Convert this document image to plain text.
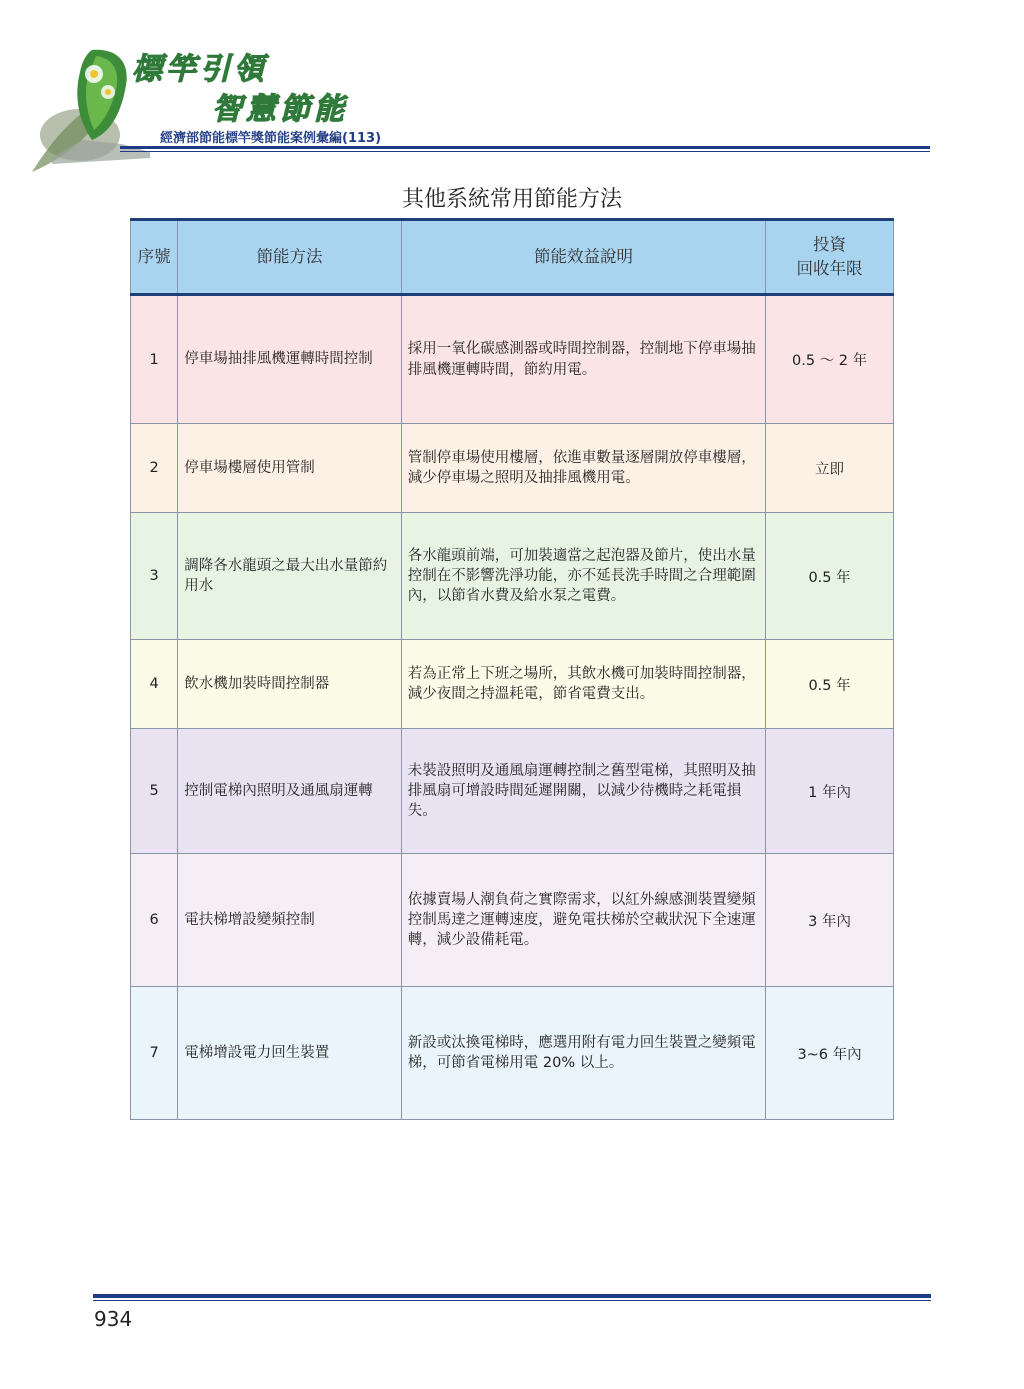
標竿引領
智慧節能
經濟部節能標竿獎節能案例彙編(113)
其他系統常用節能方法
序號	節能方法	節能效益說明	投資
回收年限

1	停車場抽排風機運轉時間控制	採用一氧化碳感測器或時間控制器，控制地下停車場抽排風機運轉時間，節約用電。	0.5 ～ 2 年
2	停車場樓層使用管制	管制停車場使用樓層，依進車數量逐層開放停車樓層，減少停車場之照明及抽排風機用電。	立即
3	調降各水龍頭之最大出水量節約用水	各水龍頭前端，可加裝適當之起泡器及節片，使出水量控制在不影響洗淨功能，亦不延長洗手時間之合理範圍內，以節省水費及給水泵之電費。	0.5 年
4	飲水機加裝時間控制器	若為正常上下班之場所，其飲水機可加裝時間控制器，減少夜間之持溫耗電，節省電費支出。	0.5 年
5	控制電梯內照明及通風扇運轉	未裝設照明及通風扇運轉控制之舊型電梯，其照明及抽排風扇可增設時間延遲開關，以減少待機時之耗電損失。	1 年內
6	電扶梯增設變頻控制	依據賣場人潮負荷之實際需求，以紅外線感測裝置變頻控制馬達之運轉速度，避免電扶梯於空載狀況下全速運轉，減少設備耗電。	3 年內
7	電梯增設電力回生裝置	新設或汰換電梯時，應選用附有電力回生裝置之變頻電梯，可節省電梯用電 20% 以上。	3~6 年內
934
